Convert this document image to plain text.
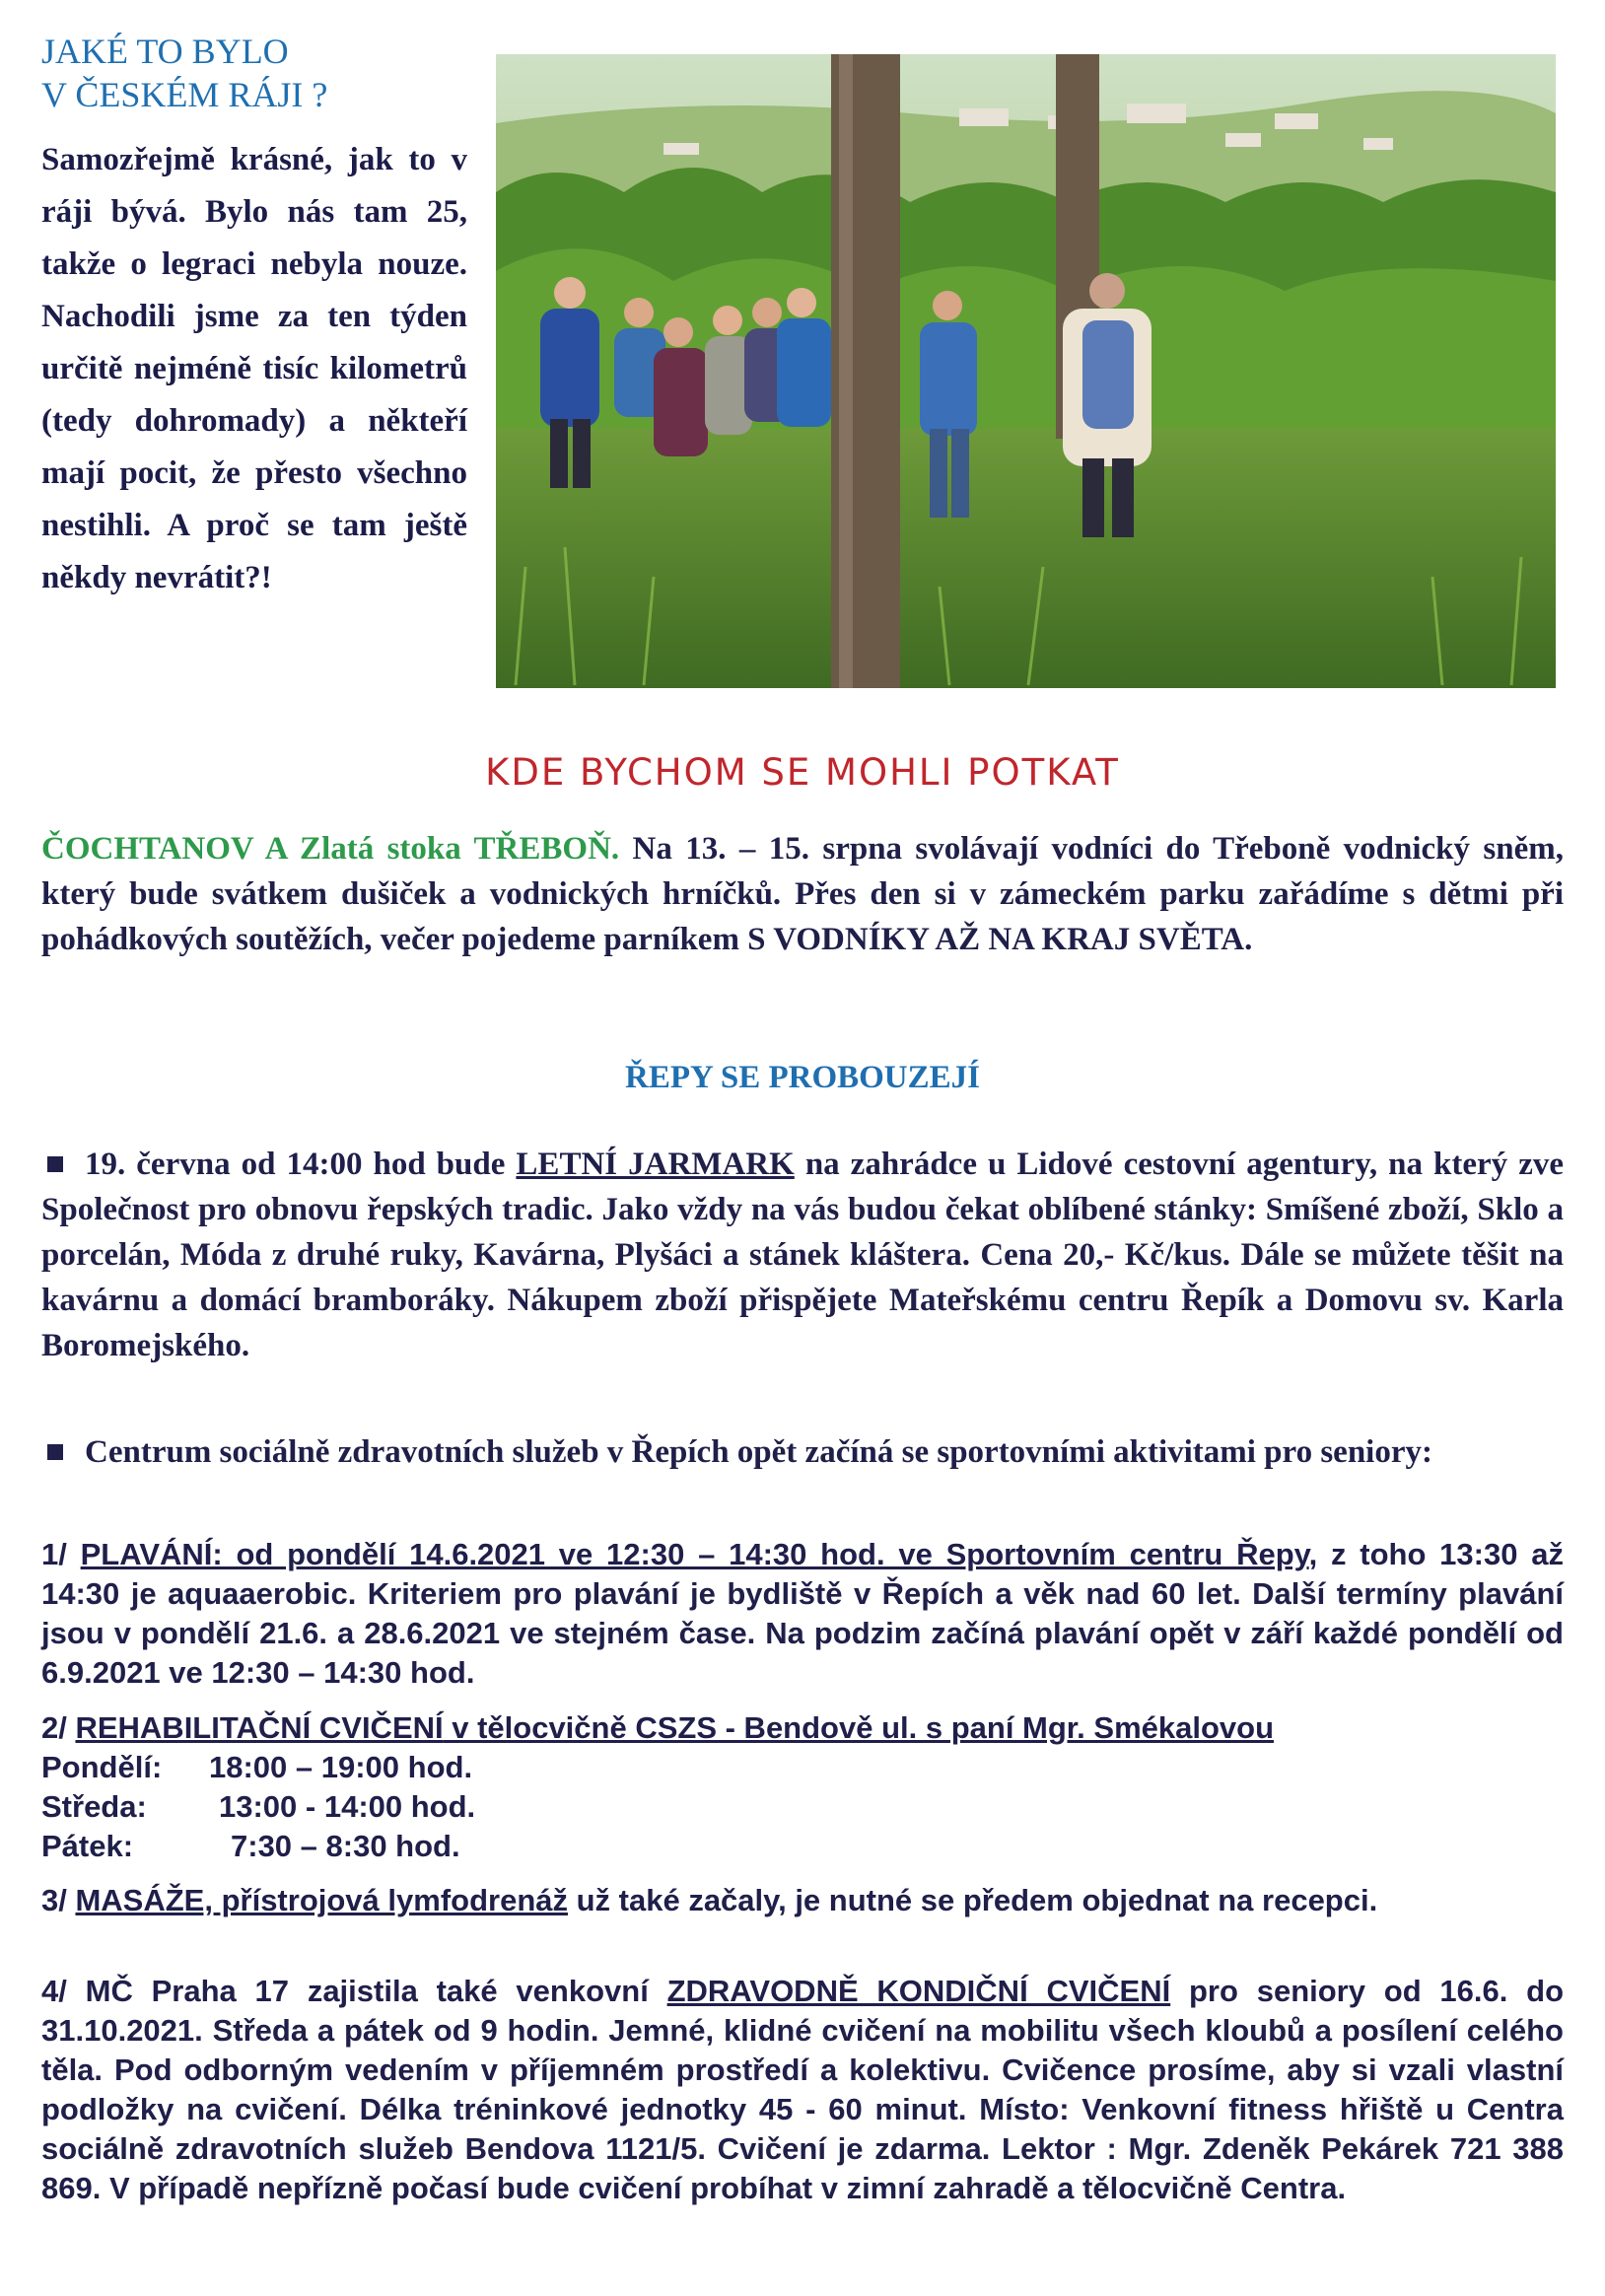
JAKÉ TO BYLO
V ČESKÉM RÁJI ?
Samozřejmě krásné, jak to v ráji bývá. Bylo nás tam 25, takže o legraci nebyla nouze. Nachodili jsme za ten týden určitě nejméně tisíc kilometrů (tedy dohromady) a někteří mají pocit, že přesto všechno nestihli. A proč se tam ještě někdy nevrátit?!
KDE BYCHOM SE MOHLI POTKAT
ČOCHTANOV A Zlatá stoka TŘEBOŇ. Na 13. – 15. srpna svolávají vodníci do Třeboně vodnický sněm, který bude svátkem dušiček a vodnických hrníčků. Přes den si v zámeckém parku zařádíme s dětmi při pohádkových soutěžích, večer pojedeme parníkem S VODNÍKY AŽ NA KRAJ SVĚTA.
ŘEPY SE PROBOUZEJÍ
19. června od 14:00 hod bude LETNÍ JARMARK na zahrádce u Lidové cestovní agentury, na který zve Společnost pro obnovu řepských tradic. Jako vždy na vás budou čekat oblíbené stánky: Smíšené zboží, Sklo a porcelán, Móda z druhé ruky, Kavárna, Plyšáci a stánek kláštera. Cena 20,- Kč/kus. Dále se můžete těšit na kavárnu a domácí bramboráky. Nákupem zboží přispějete Mateřskému centru Řepík a Domovu sv. Karla Boromejského.
Centrum sociálně zdravotních služeb v Řepích opět začíná se sportovními aktivitami pro seniory:
1/ PLAVÁNÍ: od pondělí 14.6.2021 ve 12:30 – 14:30 hod. ve Sportovním centru Řepy, z toho 13:30 až 14:30 je aquaaerobic. Kriteriem pro plavání je bydliště v Řepích a věk nad 60 let. Další termíny plavání jsou v pondělí 21.6. a 28.6.2021 ve stejném čase. Na podzim začíná plavání opět v září každé pondělí od 6.9.2021 ve 12:30 – 14:30 hod.
2/ REHABILITAČNÍ CVIČENÍ v tělocvičně CSZS - Bendově ul. s paní Mgr. Smékalovou
Pondělí:	18:00 – 19:00 hod.
Středa:	13:00 - 14:00 hod.
Pátek:	7:30 – 8:30 hod.
3/ MASÁŽE, přístrojová lymfodrenáž už také začaly, je nutné se předem objednat na recepci.
4/ MČ Praha 17 zajistila také venkovní ZDRAVODNĚ KONDIČNÍ CVIČENÍ pro seniory od 16.6. do 31.10.2021. Středa a pátek od 9 hodin. Jemné, klidné cvičení na mobilitu všech kloubů a posílení celého těla. Pod odborným vedením v příjemném prostředí a kolektivu. Cvičence prosíme, aby si vzali vlastní podložky na cvičení. Délka tréninkové jednotky 45 - 60 minut. Místo: Venkovní fitness hřiště u Centra sociálně zdravotních služeb Bendova 1121/5. Cvičení je zdarma. Lektor : Mgr. Zdeněk Pekárek 721 388 869. V případě nepřízně počasí bude cvičení probíhat v zimní zahradě a tělocvičně Centra.
